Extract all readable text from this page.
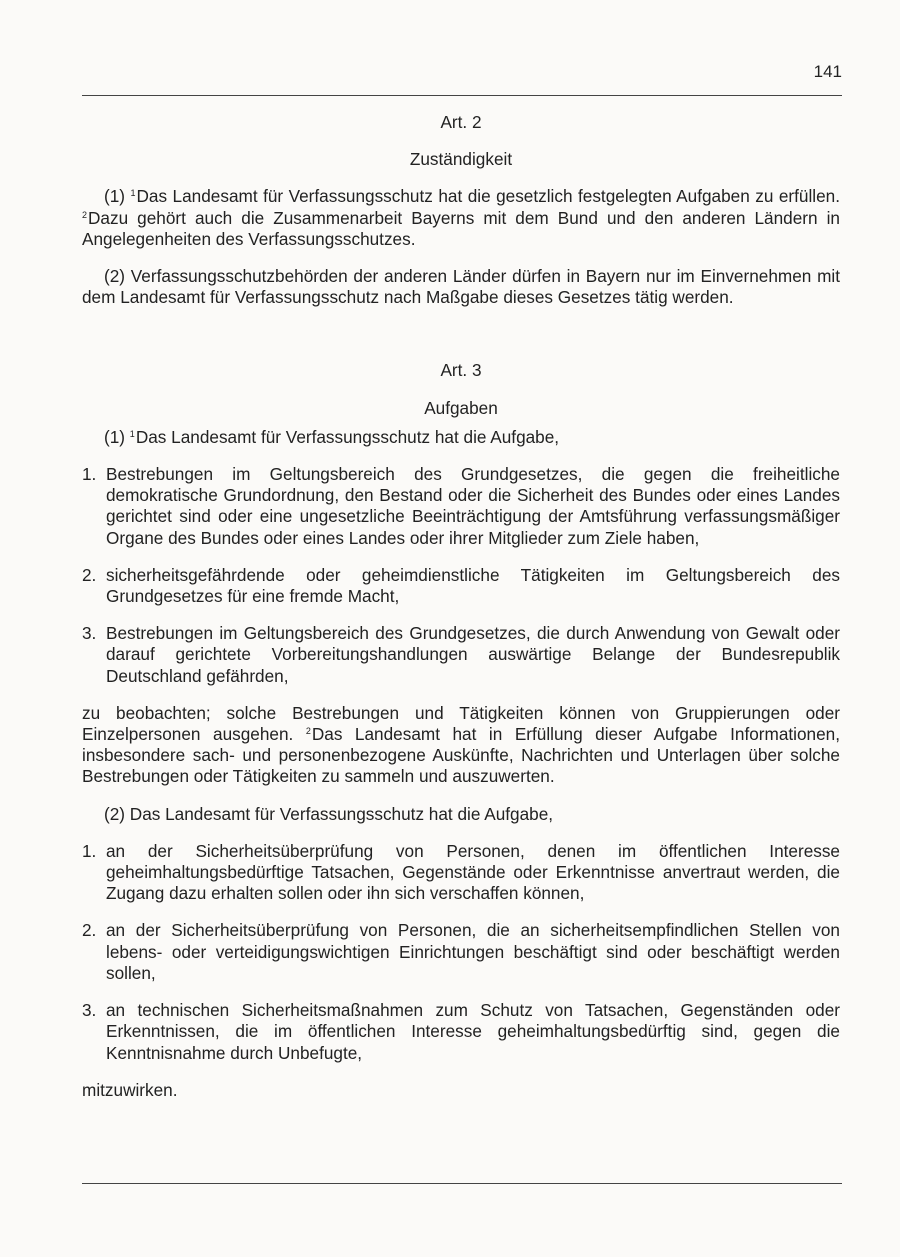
141
Art. 2
Zuständigkeit

(1) $^1$Das Landesamt für Verfassungsschutz hat die gesetzlich festgelegten Aufgaben zu erfüllen. $^2$Dazu gehört auch die Zusammenarbeit Bayerns mit dem Bund und den anderen Ländern in Angelegenheiten des Verfassungsschutzes.

(2) Verfassungsschutzbehörden der anderen Länder dürfen in Bayern nur im Einvernehmen mit dem Landesamt für Verfassungsschutz nach Maßgabe dieses Gesetzes tätig werden.

Art. 3
Aufgaben

(1) $^1$Das Landesamt für Verfassungsschutz hat die Aufgabe,

1. Bestrebungen im Geltungsbereich des Grundgesetzes, die gegen die freiheitliche demokratische Grundordnung, den Bestand oder die Sicherheit des Bundes oder eines Landes gerichtet sind oder eine ungesetzliche Beeinträchtigung der Amtsführung verfassungsmäßiger Organe des Bundes oder eines Landes oder ihrer Mitglieder zum Ziele haben,
2. sicherheitsgefährdende oder geheimdienstliche Tätigkeiten im Geltungsbereich des Grundgesetzes für eine fremde Macht,
3. Bestrebungen im Geltungsbereich des Grundgesetzes, die durch Anwendung von Gewalt oder darauf gerichtete Vorbereitungshandlungen auswärtige Belange der Bundesrepublik Deutschland gefährden,

zu beobachten; solche Bestrebungen und Tätigkeiten können von Gruppierungen oder Einzelpersonen ausgehen. $^2$Das Landesamt hat in Erfüllung dieser Aufgabe Informationen, insbesondere sach- und personenbezogene Auskünfte, Nachrichten und Unterlagen über solche Bestrebungen oder Tätigkeiten zu sammeln und auszuwerten.

(2) Das Landesamt für Verfassungsschutz hat die Aufgabe,

1. an der Sicherheitsüberprüfung von Personen, denen im öffentlichen Interesse geheimhaltungsbedürftige Tatsachen, Gegenstände oder Erkenntnisse anvertraut werden, die Zugang dazu erhalten sollen oder ihn sich verschaffen können,
2. an der Sicherheitsüberprüfung von Personen, die an sicherheitsempfindlichen Stellen von lebens- oder verteidigungswichtigen Einrichtungen beschäftigt sind oder beschäftigt werden sollen,
3. an technischen Sicherheitsmaßnahmen zum Schutz von Tatsachen, Gegenständen oder Erkenntnissen, die im öffentlichen Interesse geheimhaltungsbedürftig sind, gegen die Kenntnisnahme durch Unbefugte,

mitzuwirken.
